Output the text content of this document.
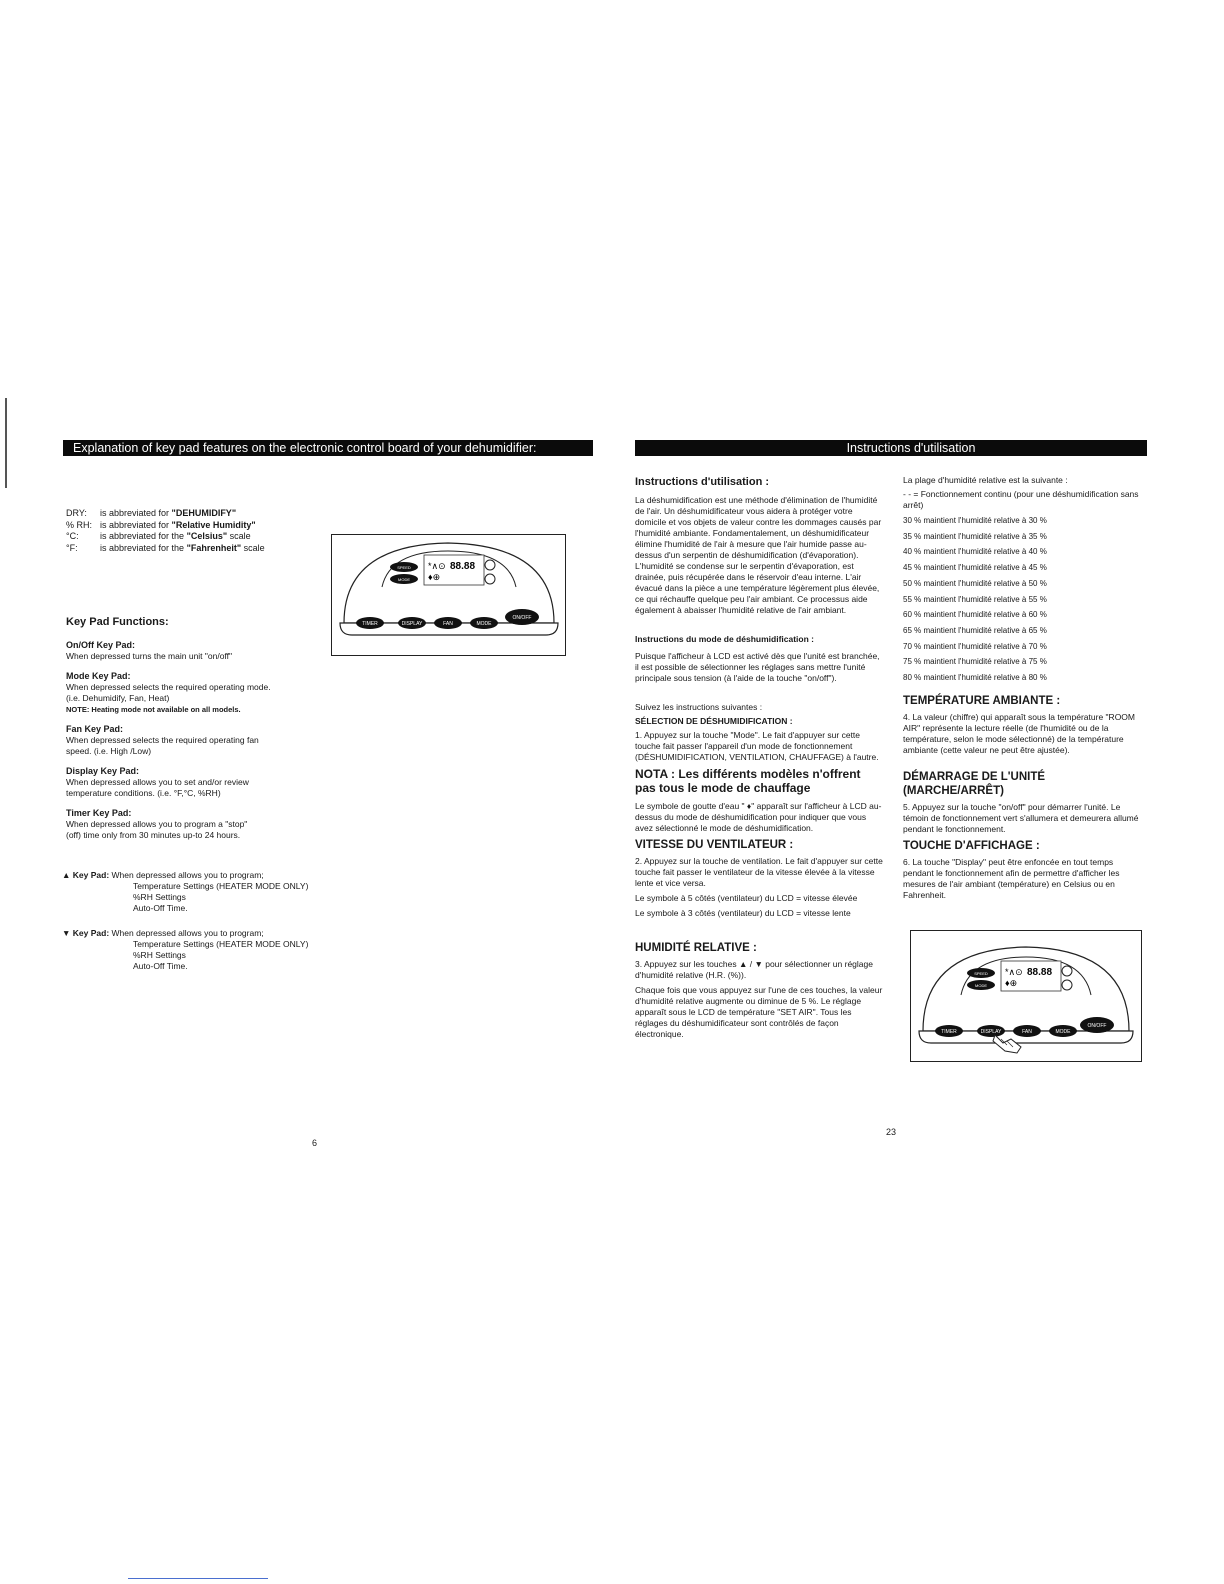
Explanation of key pad features on the electronic control board of your dehumidifier:
DRY:	is abbreviated for "DEHUMIDIFY"
% RH: is abbreviated for "Relative Humidity"
°C:	is abbreviated for the "Celsius" scale
°F:	is abbreviated for the "Fahrenheit" scale
Key Pad Functions:
On/Off Key Pad:
When depressed turns the main unit "on/off"
Mode Key Pad:
When depressed selects the required operating mode.
(i.e. Dehumidify, Fan, Heat)
NOTE: Heating mode not available on all models.
Fan Key Pad:
When depressed selects the required operating fan
speed. (i.e. High /Low)
Display Key Pad:
When depressed allows you to set and/or review
temperature conditions. (i.e. °F,°C, %RH)
Timer Key Pad:
When depressed allows you to program a "stop"
(off) time only from 30 minutes up-to 24 hours.
▲ Key Pad: When depressed allows you to program;
Temperature Settings (HEATER MODE ONLY)
%RH Settings
Auto-Off Time.
▼ Key Pad: When depressed allows you to program;
Temperature Settings (HEATER MODE ONLY)
%RH Settings
Auto-Off Time.
*∧⊙
♦⊕
88.88
SPEED
MODE
TIMER	DISPLAY	FAN	MODE
ON/OFF
6
Instructions d'utilisation
Instructions d'utilisation :
La déshumidification est une méthode d'élimination de l'humidité de l'air. Un déshumidificateur vous aidera à protéger votre domicile et vos objets de valeur contre les dommages causés par l'humidité ambiante. Fondamentalement, un déshumidificateur élimine l'humidité de l'air à mesure que l'air humide passe au-dessus d'un serpentin de déshumidification (d'évaporation). L'humidité se condense sur le serpentin d'évaporation, est drainée, puis récupérée dans le réservoir d'eau interne. L'air évacué dans la pièce a une température légèrement plus élevée, ce qui réchauffe quelque peu l'air ambiant. Ce processus aide également à abaisser l'humidité relative de l'air ambiant.
Instructions du mode de déshumidification :
Puisque l'afficheur à LCD est activé dès que l'unité est branchée, il est possible de sélectionner les réglages sans mettre l'unité principale sous tension (à l'aide de la touche "on/off").
Suivez les instructions suivantes :
SÉLECTION DE DÉSHUMIDIFICATION :
1. Appuyez sur la touche "Mode". Le fait d'appuyer sur cette touche fait passer l'appareil d'un mode de fonctionnement (DÉSHUMIDIFICATION, VENTILATION, CHAUFFAGE) à l'autre.
NOTA : Les différents modèles n'offrent pas tous le mode de chauffage
Le symbole de goutte d'eau " ♦" apparaît sur l'afficheur à LCD au-dessus du mode de déshumidification pour indiquer que vous avez sélectionné le mode de déshumidification.
VITESSE DU VENTILATEUR :
2. Appuyez sur la touche de ventilation. Le fait d'appuyer sur cette touche fait passer le ventilateur de la vitesse élevée à la vitesse lente et vice versa.
Le symbole à 5 côtés (ventilateur) du LCD = vitesse élevée
Le symbole à 3 côtés (ventilateur) du LCD = vitesse lente
HUMIDITÉ RELATIVE :
3. Appuyez sur les touches ▲ / ▼ pour sélectionner un réglage d'humidité relative (H.R. (%)).
Chaque fois que vous appuyez sur l'une de ces touches, la valeur d'humidité relative augmente ou diminue de 5 %. Le réglage apparaît sous le LCD de température "SET AIR". Tous les réglages du déshumidificateur sont contrôlés de façon électronique.
La plage d'humidité relative est la suivante :
- - = Fonctionnement continu (pour une déshumidification sans arrêt)
30 % maintient l'humidité relative à 30 %
35 % maintient l'humidité relative à 35 %
40 % maintient l'humidité relative à 40 %
45 % maintient l'humidité relative à 45 %
50 % maintient l'humidité relative à 50 %
55 % maintient l'humidité relative à 55 %
60 % maintient l'humidité relative à 60 %
65 % maintient l'humidité relative à 65 %
70 % maintient l'humidité relative à 70 %
75 % maintient l'humidité relative à 75 %
80 % maintient l'humidité relative à 80 %
TEMPÉRATURE AMBIANTE :
4. La valeur (chiffre) qui apparaît sous la température "ROOM AIR" représente la lecture réelle (de l'humidité ou de la température, selon le mode sélectionné) de la température ambiante (cette valeur ne peut être ajustée).
DÉMARRAGE DE L'UNITÉ (MARCHE/ARRÊT)
5. Appuyez sur la touche "on/off" pour démarrer l'unité. Le témoin de fonctionnement vert s'allumera et demeurera allumé pendant le fonctionnement.
TOUCHE D'AFFICHAGE :
6. La touche "Display" peut être enfoncée en tout temps pendant le fonctionnement afin de permettre d'afficher les mesures de l'air ambiant (température) en Celsius ou en Fahrenheit.
*∧⊙
♦⊕
88.88
SPEED
MODE
TIMER	DISPLAY	FAN	MODE
ON/OFF
23
